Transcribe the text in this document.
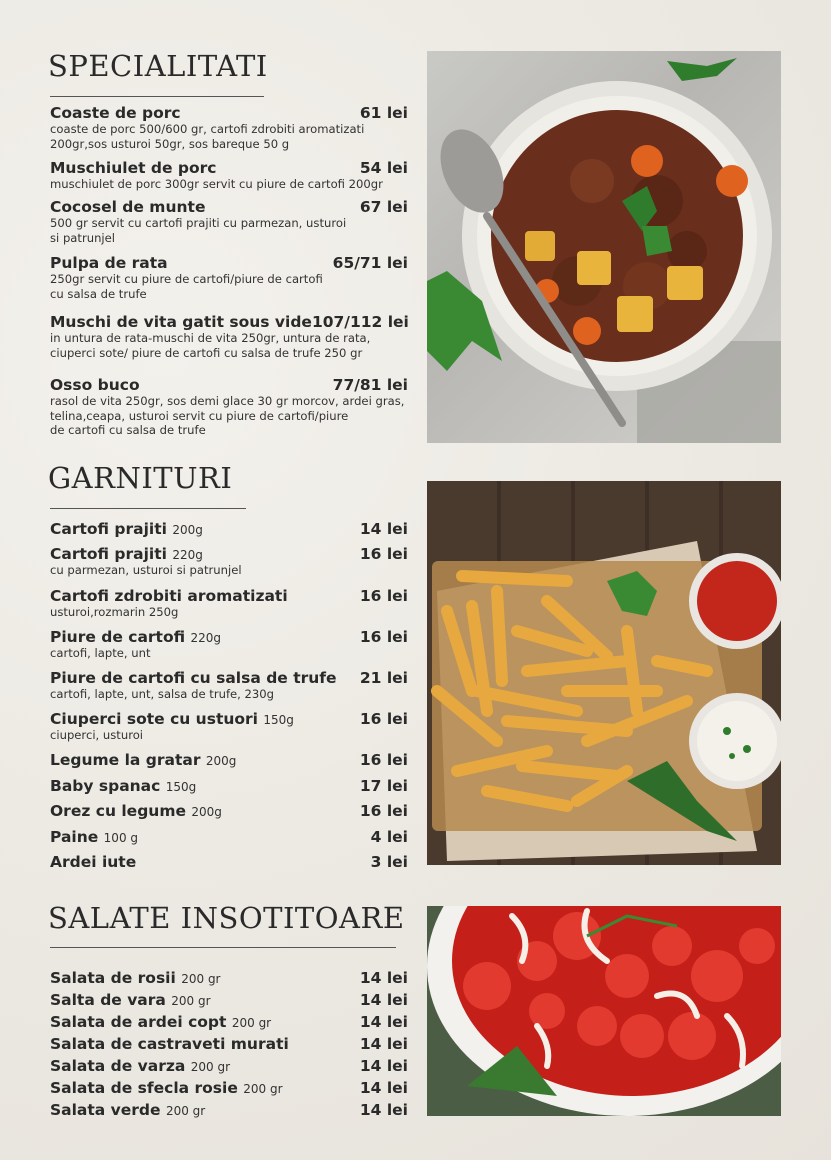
SPECIALITATI
Coaste de porc	61 lei
coaste de porc 500/600 gr, cartofi zdrobiti aromatizati
200gr,sos usturoi 50gr, sos bareque 50 g
Muschiulet de porc	54 lei
muschiulet de porc 300gr servit cu piure de cartofi 200gr
Cocosel de munte	67 lei
500 gr servit cu cartofi prajiti cu parmezan, usturoi
si patrunjel
Pulpa de rata	65/71 lei
250gr servit cu piure de cartofi/piure de cartofi
cu salsa de trufe
Muschi de vita gatit sous vide 107/112 lei
in untura de rata-muschi de vita 250gr, untura de rata,
ciuperci sote/ piure de cartofi cu salsa de trufe 250 gr
Osso buco	77/81 lei
rasol de vita 250gr, sos demi glace 30 gr morcov, ardei gras,
telina,ceapa, usturoi servit cu piure de cartofi/piure
de cartofi cu salsa de trufe
GARNITURI
Cartofi prajiti 200g	14 lei
Cartofi prajiti 220g	16 lei
cu parmezan, usturoi si patrunjel
Cartofi zdrobiti aromatizati	16 lei
usturoi,rozmarin 250g
Piure de cartofi 220g	16 lei
cartofi, lapte, unt
Piure de cartofi cu salsa de trufe 21 lei
cartofi, lapte, unt, salsa de trufe, 230g
Ciuperci sote cu ustuori 150g	16 lei
ciuperci, usturoi
Legume la gratar 200g	16 lei
Baby spanac 150g	17 lei
Orez cu legume 200g	16 lei
Paine 100 g	4 lei
Ardei iute	3 lei
SALATE INSOTITOARE
Salata de rosii 200 gr	14 lei
Salta de vara 200 gr	14 lei
Salata de ardei copt 200 gr	14 lei
Salata de castraveti murati	14 lei
Salata de varza 200 gr	14 lei
Salata de sfecla rosie 200 gr	14 lei
Salata verde 200 gr	14 lei
